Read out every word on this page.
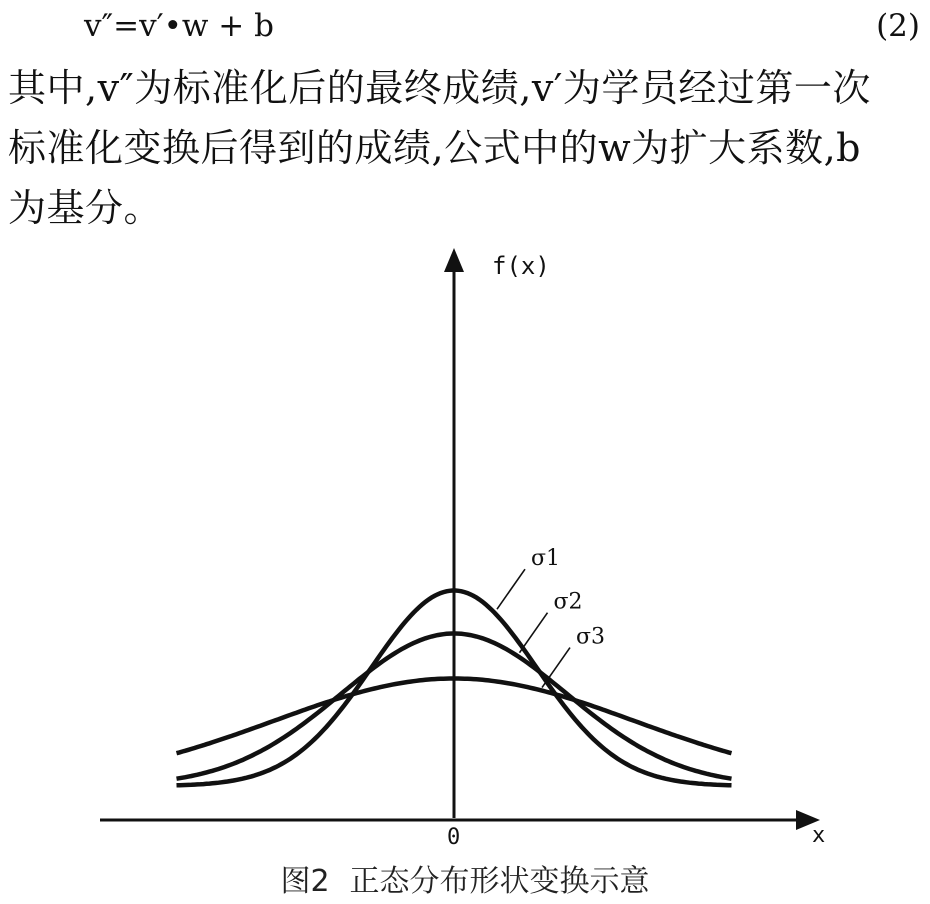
v″=v′•w + b	(2)

其中,v″为标准化后的最终成绩,v′为学员经过第一次

标准化变换后得到的成绩,公式中的w为扩大系数,b

为基分。

f(x)
x
0
σ1
σ2
σ3
图2 正态分布形状变换示意
